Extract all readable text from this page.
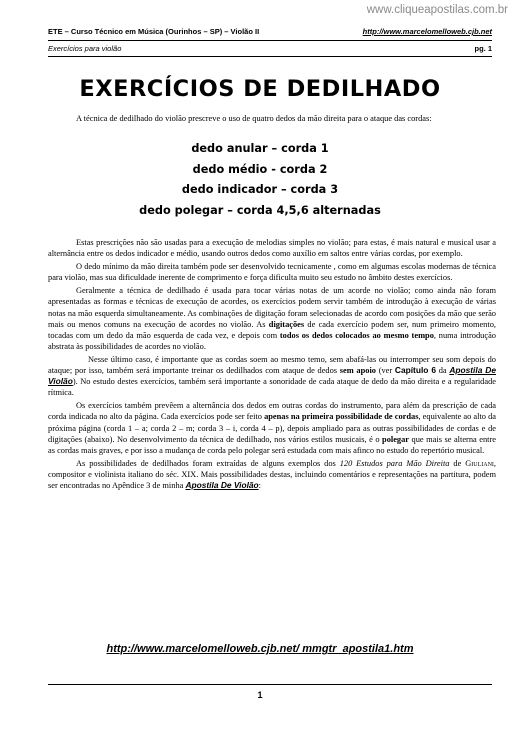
www.cliqueapostilas.com.br
ETE – Curso Técnico em Música (Ourinhos – SP) – Violão II	http://www.marcelomelloweb.cjb.net
Exercícios para violão	pg. 1
EXERCÍCIOS DE DEDILHADO
A técnica de dedilhado do violão prescreve o uso de quatro dedos da mão direita para o ataque das cordas:
dedo anular – corda 1
dedo médio - corda 2
dedo indicador – corda 3
dedo polegar – corda 4,5,6 alternadas

Estas prescrições não são usadas para a execução de melodias simples no violão; para estas, é mais natural e musical usar a alternância entre os dedos indicador e médio, usando outros dedos como auxílio em saltos entre várias cordas, por exemplo.

O dedo mínimo da mão direita também pode ser desenvolvido tecnicamente , como em algumas escolas modernas de técnica para violão, mas sua dificuldade inerente de comprimento e força dificulta muito seu estudo no âmbito destes exercícios.

Geralmente a técnica de dedilhado é usada para tocar várias notas de um acorde no violão; como ainda não foram apresentadas as formas e técnicas de execução de acordes, os exercícios podem servir também de introdução à execução de várias notas na mão esquerda simultaneamente. As combinações de digitação foram selecionadas de acordo com posições da mão que serão mais ou menos comuns na execução de acordes no violão. As digitações de cada exercício podem ser, num primeiro momento, tocadas com um dedo da mão esquerda de cada vez, e depois com todos os dedos colocados ao mesmo tempo, numa introdução abstrata às possibilidades de acordes no violão.

Nesse último caso, é importante que as cordas soem ao mesmo temo, sem abafá-las ou interromper seu som depois do ataque; por isso, também será importante treinar os dedilhados com ataque de dedos sem apoio (ver Capítulo 6 da Apostila De Violão). No estudo destes exercícios, também será importante a sonoridade de cada ataque de dedo da mão direita e a regularidade rítmica.

Os exercícios também prevêem a alternância dos dedos em outras cordas do instrumento, para além da prescrição de cada corda indicada no alto da página. Cada exercícios pode ser feito apenas na primeira possibilidade de cordas, equivalente ao alto da próxima página (corda 1 – a; corda 2 – m; corda 3 – i, corda 4 – p), depois ampliado para as outras possibilidades de cordas e de digitações (abaixo). No desenvolvimento da técnica de dedilhado, nos vários estilos musicais, é o polegar que mais se alterna entre as cordas mais graves, e por isso a mudança de corda pelo polegar será estudada com mais afinco no estudo do repertório musical.

As possibilidades de dedilhados foram extraídas de alguns exemplos dos 120 Estudos para Mão Direita de Giuliani, compositor e violinista italiano do séc. XIX. Mais possibilidades destas, incluindo comentários e representações na partitura, podem ser encontradas no Apêndice 3 de minha Apostila De Violão:

http://www.marcelomelloweb.cjb.net/ mmgtr_apostila1.htm
1
